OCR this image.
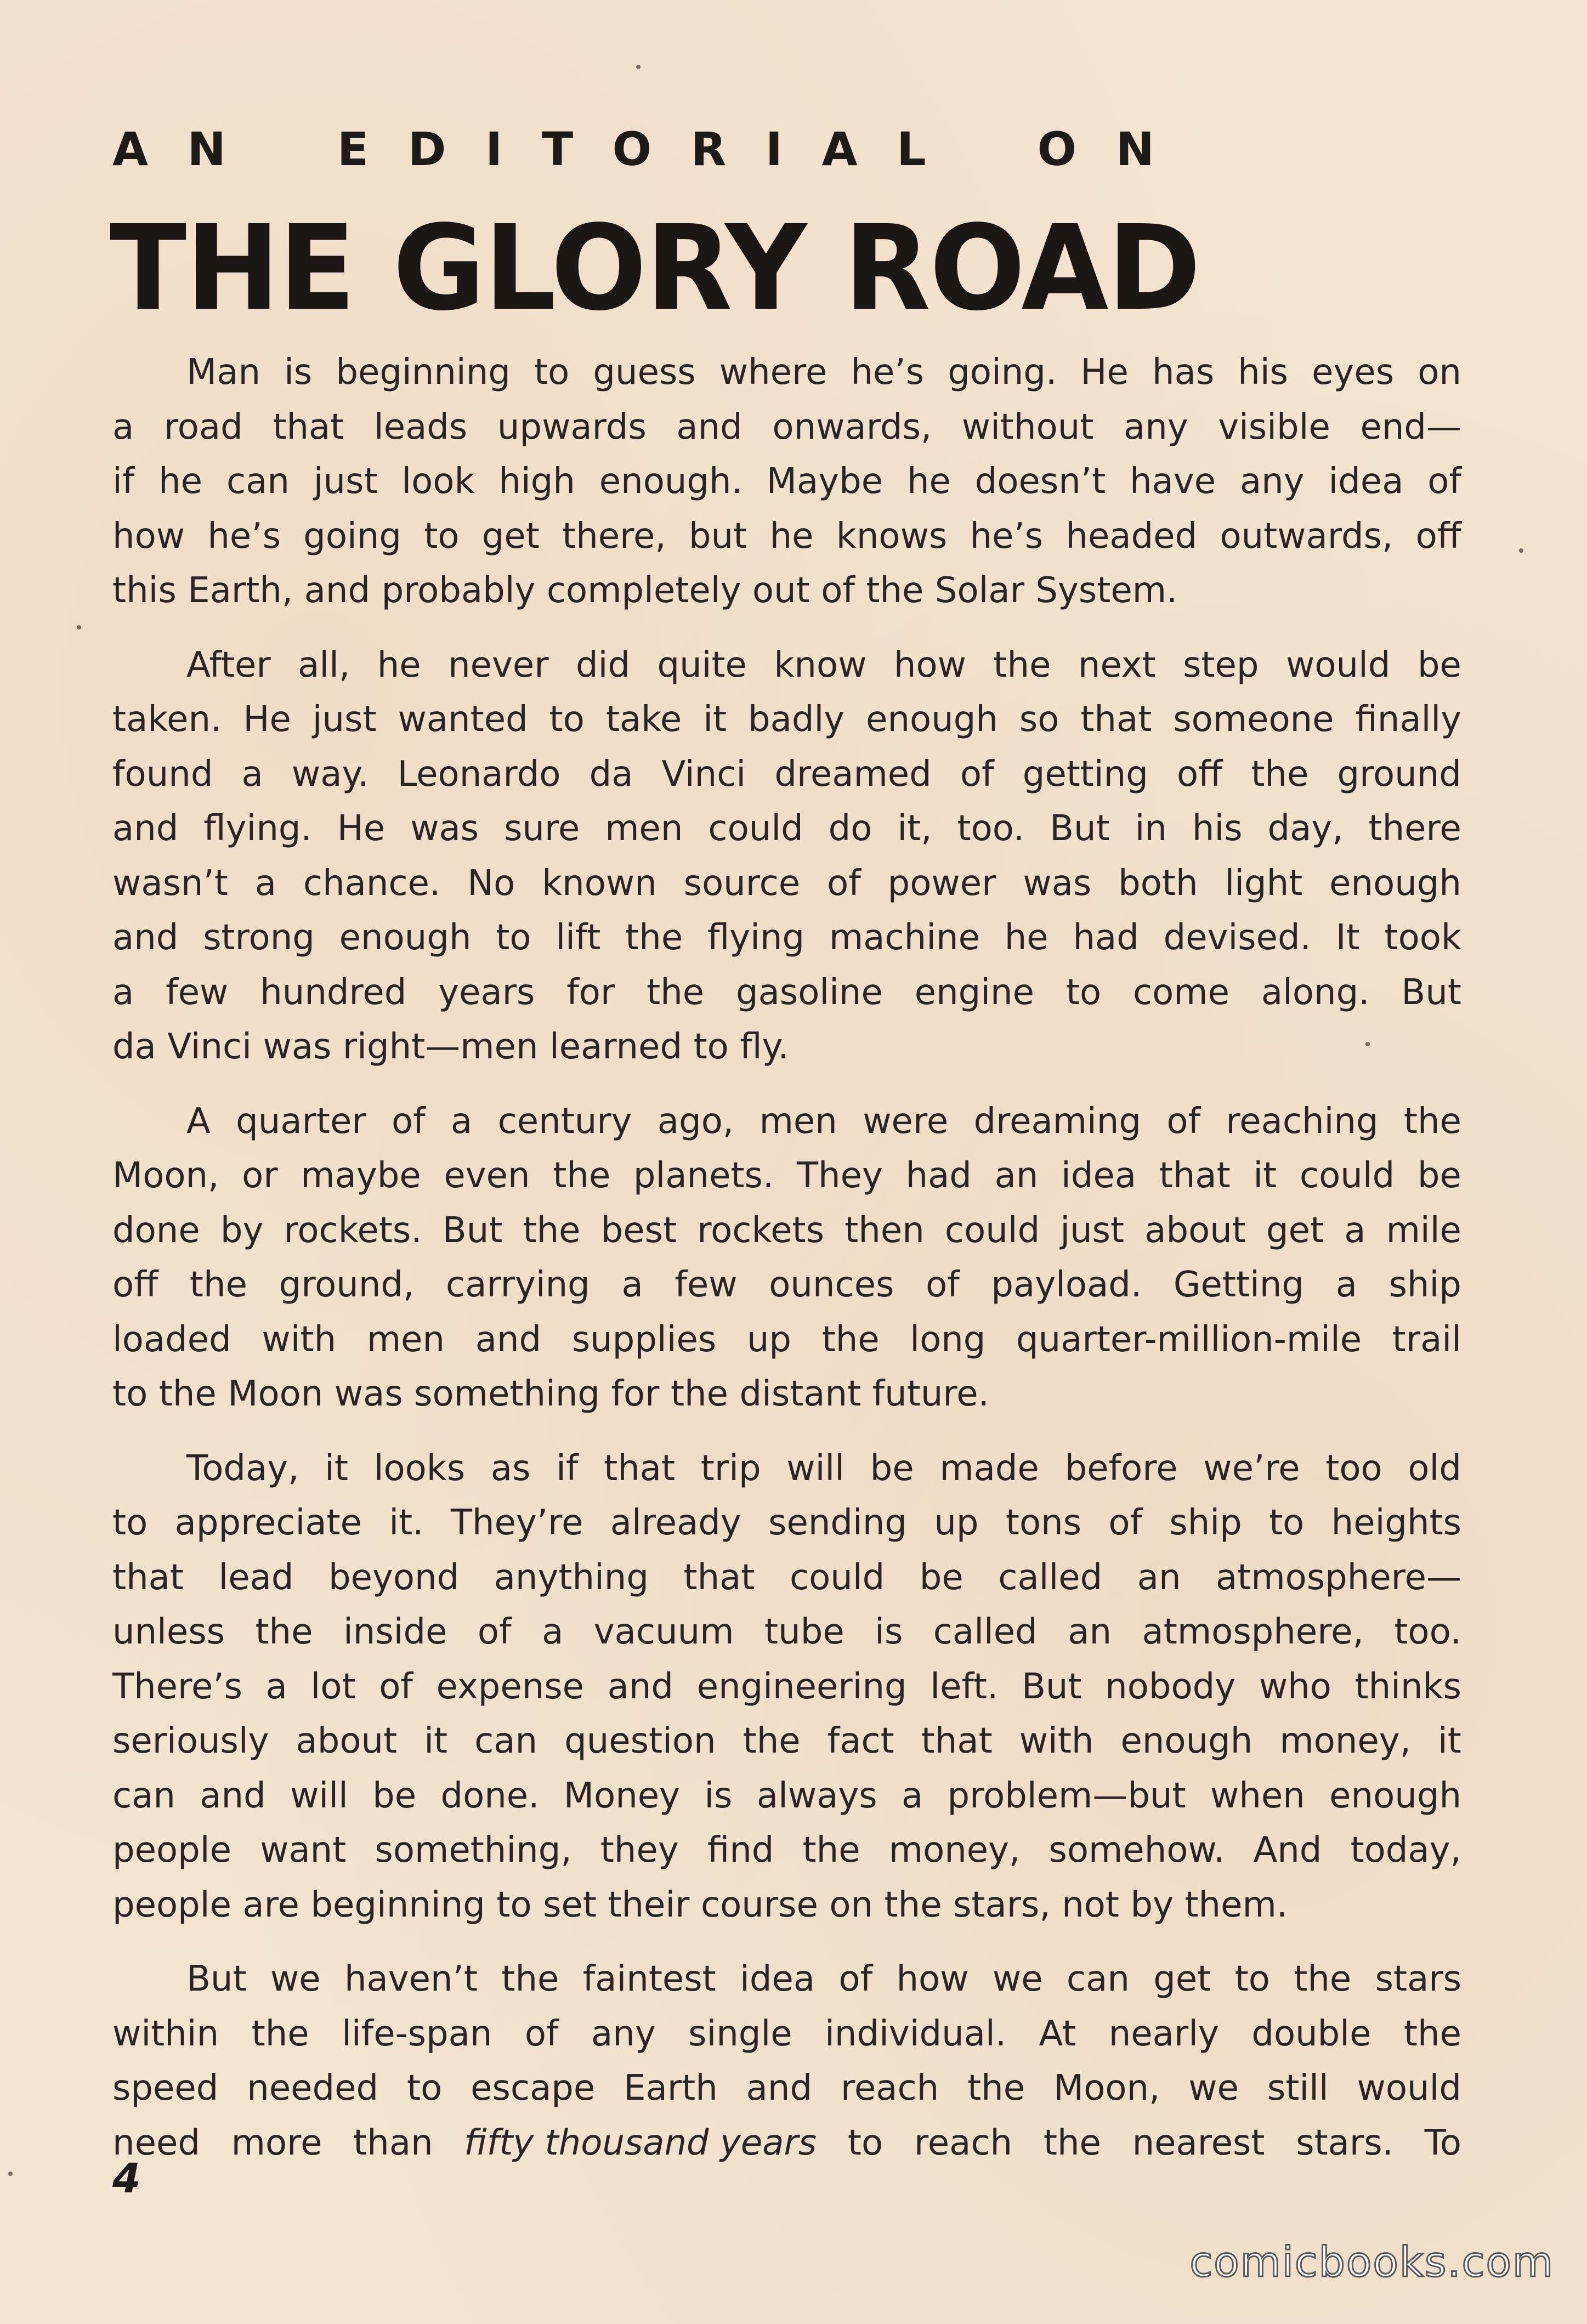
A N E D I T O R I A L O N
THE GLORY ROAD
Man is beginning to guess where he’s going. He has his eyes on
a road that leads upwards and onwards, without any visible end—
if he can just look high enough. Maybe he doesn’t have any idea of
how he’s going to get there, but he knows he’s headed outwards, off
this Earth, and probably completely out of the Solar System.
After all, he never did quite know how the next step would be
taken. He just wanted to take it badly enough so that someone finally
found a way. Leonardo da Vinci dreamed of getting off the ground
and flying. He was sure men could do it, too. But in his day, there
wasn’t a chance. No known source of power was both light enough
and strong enough to lift the flying machine he had devised. It took
a few hundred years for the gasoline engine to come along. But
da Vinci was right—men learned to fly.
A quarter of a century ago, men were dreaming of reaching the
Moon, or maybe even the planets. They had an idea that it could be
done by rockets. But the best rockets then could just about get a mile
off the ground, carrying a few ounces of payload. Getting a ship
loaded with men and supplies up the long quarter-million-mile trail
to the Moon was something for the distant future.
Today, it looks as if that trip will be made before we’re too old
to appreciate it. They’re already sending up tons of ship to heights
that lead beyond anything that could be called an atmosphere—
unless the inside of a vacuum tube is called an atmosphere, too.
There’s a lot of expense and engineering left. But nobody who thinks
seriously about it can question the fact that with enough money, it
can and will be done. Money is always a problem—but when enough
people want something, they find the money, somehow. And today,
people are beginning to set their course on the stars, not by them.
But we haven’t the faintest idea of how we can get to the stars
within the life-span of any single individual. At nearly double the
speed needed to escape Earth and reach the Moon, we still would
need more than fifty thousand years to reach the nearest stars. To
4
comicbooks.com
